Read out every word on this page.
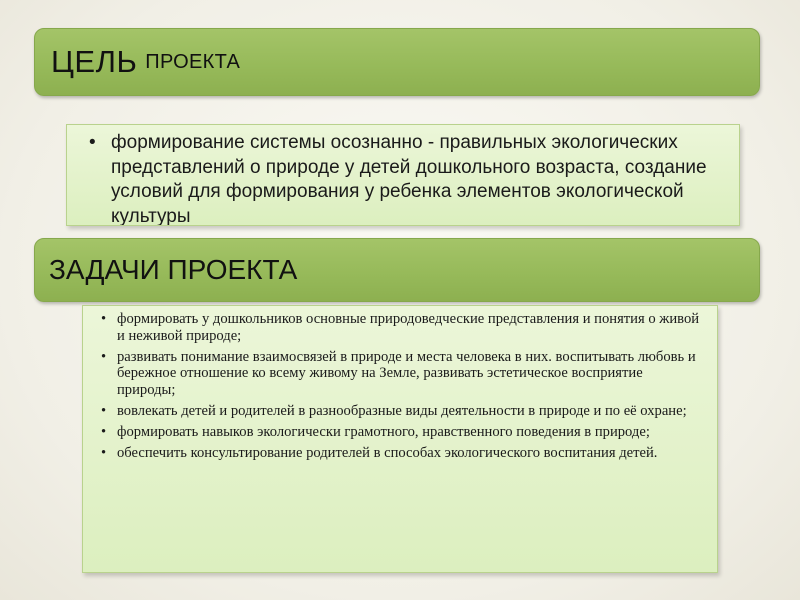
ЦЕЛЬ ПРОЕКТА
• формирование системы осознанно - правильных экологических представлений о природе у детей дошкольного возраста, создание условий для формирования у ребенка элементов экологической культуры
ЗАДАЧИ ПРОЕКТА
• формировать у дошкольников основные природоведческие представления и понятия о живой и неживой природе;
• развивать понимание взаимосвязей в природе и места человека в них. воспитывать любовь и бережное отношение ко всему живому на Земле, развивать эстетическое восприятие природы;
• вовлекать детей и родителей в разнообразные виды деятельности в природе и по её охране;
• формировать навыков экологически грамотного, нравственного поведения в природе;
• обеспечить консультирование родителей в способах экологического воспитания детей.
